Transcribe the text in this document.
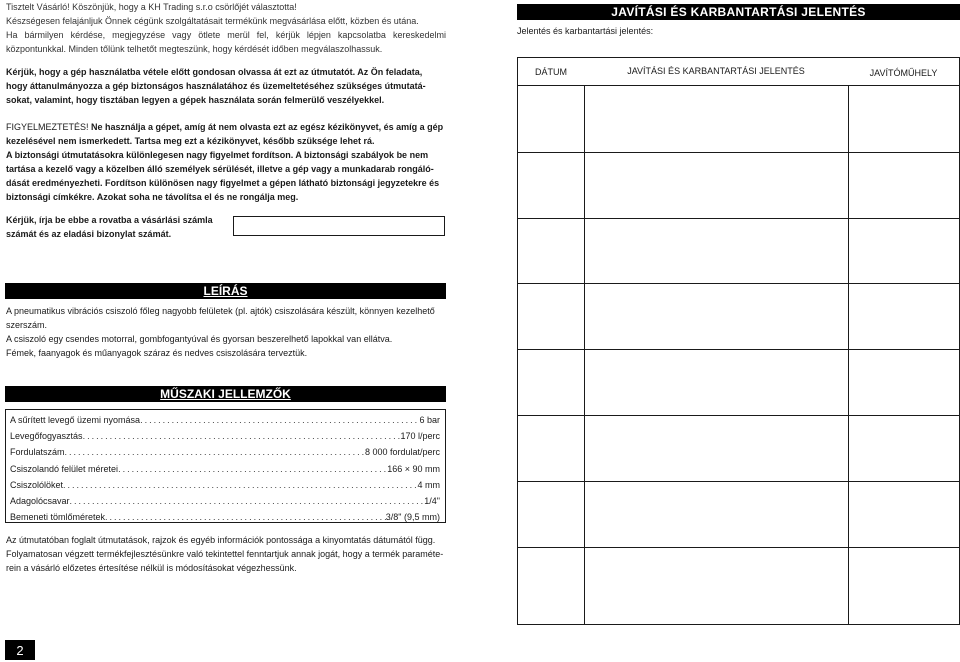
Tisztelt Vásárló! Köszönjük, hogy a KH Trading s.r.o csörlőjét választotta!

Készségesen felajánljuk Önnek cégünk szolgáltatásait termékünk megvásárlása előtt, közben és utána.

Ha bármilyen kérdése, megjegyzése vagy ötlete merül fel, kérjük lépjen kapcsolatba kereskedelmi

központunkkal. Minden tőlünk telhetőt megteszünk, hogy kérdését időben megválaszolhassuk.

Kérjük, hogy a gép használatba vétele előtt gondosan olvassa át ezt az útmutatót. Az Ön feladata,

hogy áttanulmányozza a gép biztonságos használatához és üzemeltetéséhez szükséges útmutatá-

sokat, valamint, hogy tisztában legyen a gépek használata során felmerülő veszélyekkel.

FIGYELMEZTETÉS! Ne használja a gépet, amíg át nem olvasta ezt az egész kézikönyvet, és amíg a gép

kezelésével nem ismerkedett. Tartsa meg ezt a kézikönyvet, később szüksége lehet rá.

A biztonsági útmutatásokra különlegesen nagy figyelmet fordítson. A biztonsági szabályok be nem

tartása a kezelő vagy a közelben álló személyek sérülését, illetve a gép vagy a munkadarab rongáló-

dását eredményezheti. Fordítson különösen nagy figyelmet a gépen látható biztonsági jegyzetekre és

biztonsági címkékre. Azokat soha ne távolítsa el és ne rongálja meg.

Kérjük, írja be ebbe a rovatba a vásárlási számla

számát és az eladási bizonylat számát.

LEÍRÁS

A pneumatikus vibrációs csiszoló főleg nagyobb felületek (pl. ajtók) csiszolására készült, könnyen kezelhető

szerszám.

A csiszoló egy csendes motorral, gombfogantyúval és gyorsan beszerelhető lapokkal van ellátva.

Fémek, faanyagok és műanyagok száraz és nedves csiszolására terveztük.

MŰSZAKI JELLEMZŐK
A sűrített levegő üzemi nyomása .....	6 bar
Levegőfogyasztás .....	170 l/perc
Fordulatszám .....	8 000 fordulat/perc
Csiszolandó felület méretei .....	166 × 90 mm
Csiszolólöket .....	4 mm
Adagolócsavar .....	1/4"
Bemeneti tömlőméretek .....	3/8" (9,5 mm)

Az útmutatóban foglalt útmutatások, rajzok és egyéb információk pontossága a kinyomtatás dátumától függ.

Folyamatosan végzett termékfejlesztésünkre való tekintettel fenntartjuk annak jogát, hogy a termék paraméte-

rein a vásárló előzetes értesítése nélkül is módosításokat végezhessünk.

2
JAVÍTÁSI ÉS KARBANTARTÁSI JELENTÉS
Jelentés és karbantartási jelentés:
DÁTUM	JAVÍTÁSI ÉS KARBANTARTÁSI JELENTÉS	JAVÍTÓMŰHELY
